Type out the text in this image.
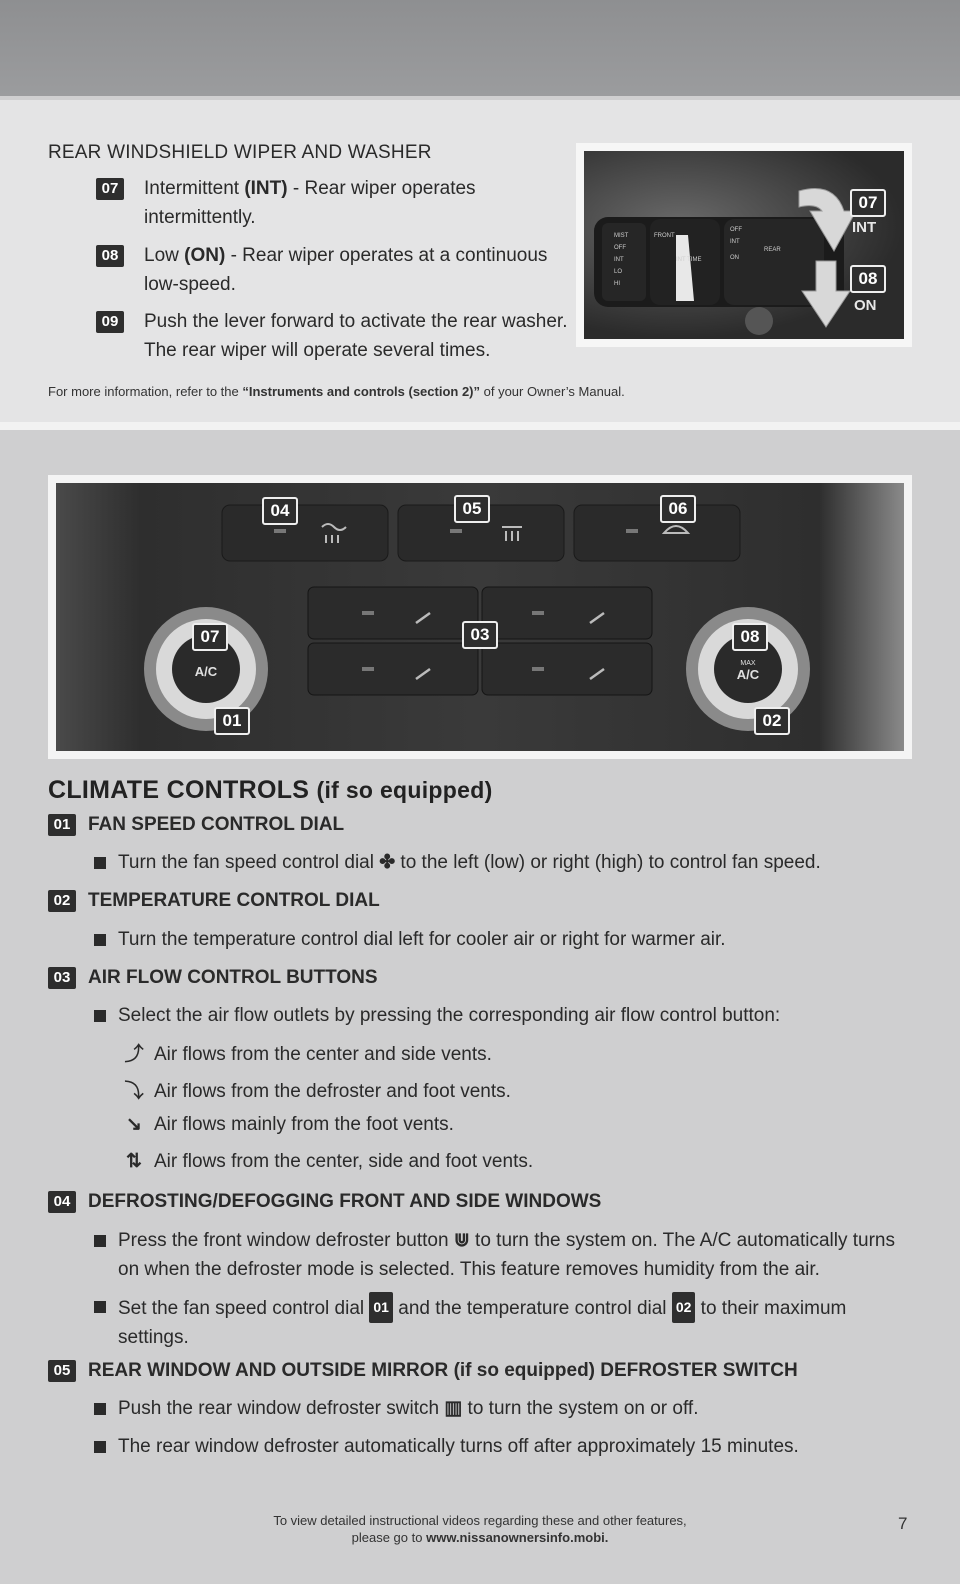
REAR WINDSHIELD WIPER AND WASHER
07 Intermittent (INT) - Rear wiper operates intermittently.
08 Low (ON) - Rear wiper operates at a continuous low-speed.
09 Push the lever forward to activate the rear washer. The rear wiper will operate several times.
For more information, refer to the “Instruments and controls (section 2)” of your Owner’s Manual.
MIST
OFF
INT
LO
HI
FRONT
INT TIME
OFF
INT
ON
REAR
07
INT
08
ON
A/C
MAX
A/C
04	05	06
07	03	08
01	02
CLIMATE CONTROLS (if so equipped)
01 FAN SPEED CONTROL DIAL
Turn the fan speed control dial ✤ to the left (low) or right (high) to control fan speed.
02 TEMPERATURE CONTROL DIAL
Turn the temperature control dial left for cooler air or right for warmer air.
03 AIR FLOW CONTROL BUTTONS
Select the air flow outlets by pressing the corresponding air flow control button:
⤴ Air flows from the center and side vents.
⤵ Air flows from the defroster and foot vents.
↘ Air flows mainly from the foot vents.
⇅ Air flows from the center, side and foot vents.
04 DEFROSTING/DEFOGGING FRONT AND SIDE WINDOWS
Press the front window defroster button ⋓ to turn the system on. The A/C automatically turns on when the defroster mode is selected. This feature removes humidity from the air.
Set the fan speed control dial 01 and the temperature control dial 02 to their maximum settings.
05 REAR WINDOW AND OUTSIDE MIRROR (if so equipped) DEFROSTER SWITCH
Push the rear window defroster switch ▥ to turn the system on or off.
The rear window defroster automatically turns off after approximately 15 minutes.
To view detailed instructional videos regarding these and other features,
please go to www.nissanownersinfo.mobi.
7
